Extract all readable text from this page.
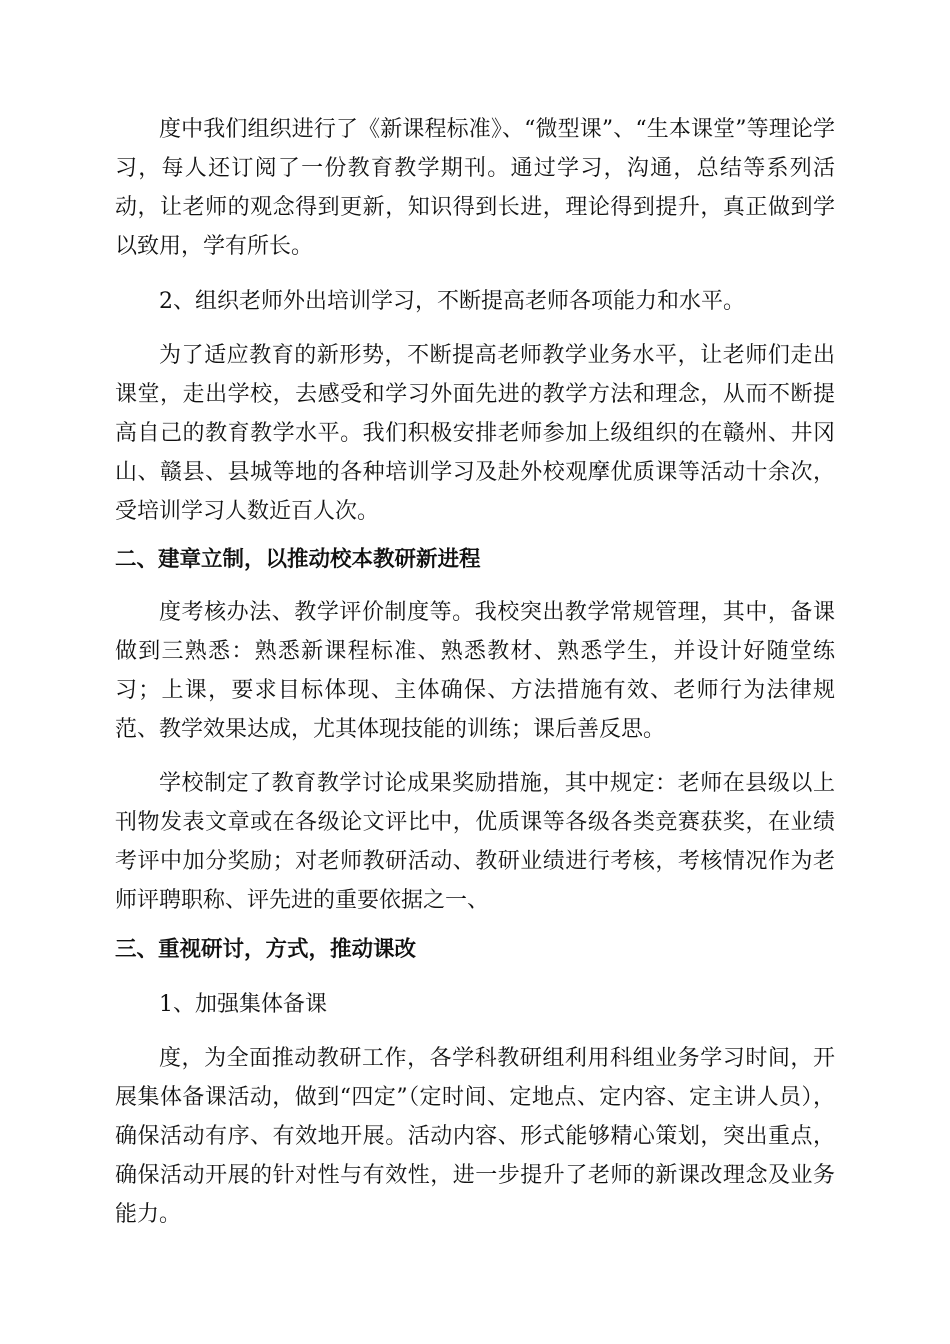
度中我们组织进行了《新课程标准》、“微型课”、“生本课堂”等理论学习，每人还订阅了一份教育教学期刊。通过学习，沟通，总结等系列活动，让老师的观念得到更新，知识得到长进，理论得到提升，真正做到学以致用，学有所长。

2、组织老师外出培训学习，不断提高老师各项能力和水平。

为了适应教育的新形势，不断提高老师教学业务水平，让老师们走出课堂，走出学校，去感受和学习外面先进的教学方法和理念，从而不断提高自己的教育教学水平。我们积极安排老师参加上级组织的在赣州、井冈山、赣县、县城等地的各种培训学习及赴外校观摩优质课等活动十余次，受培训学习人数近百人次。

二、建章立制，以推动校本教研新进程

度考核办法、教学评价制度等。我校突出教学常规管理，其中，备课做到三熟悉：熟悉新课程标准、熟悉教材、熟悉学生，并设计好随堂练习；上课，要求目标体现、主体确保、方法措施有效、老师行为法律规范、教学效果达成，尤其体现技能的训练；课后善反思。

学校制定了教育教学讨论成果奖励措施，其中规定：老师在县级以上刊物发表文章或在各级论文评比中，优质课等各级各类竞赛获奖，在业绩考评中加分奖励；对老师教研活动、教研业绩进行考核，考核情况作为老师评聘职称、评先进的重要依据之一、

三、重视研讨，方式，推动课改

1、加强集体备课

度，为全面推动教研工作，各学科教研组利用科组业务学习时间，开展集体备课活动，做到“四定”（定时间、定地点、定内容、定主讲人员），确保活动有序、有效地开展。活动内容、形式能够精心策划，突出重点，确保活动开展的针对性与有效性，进一步提升了老师的新课改理念及业务能力。
